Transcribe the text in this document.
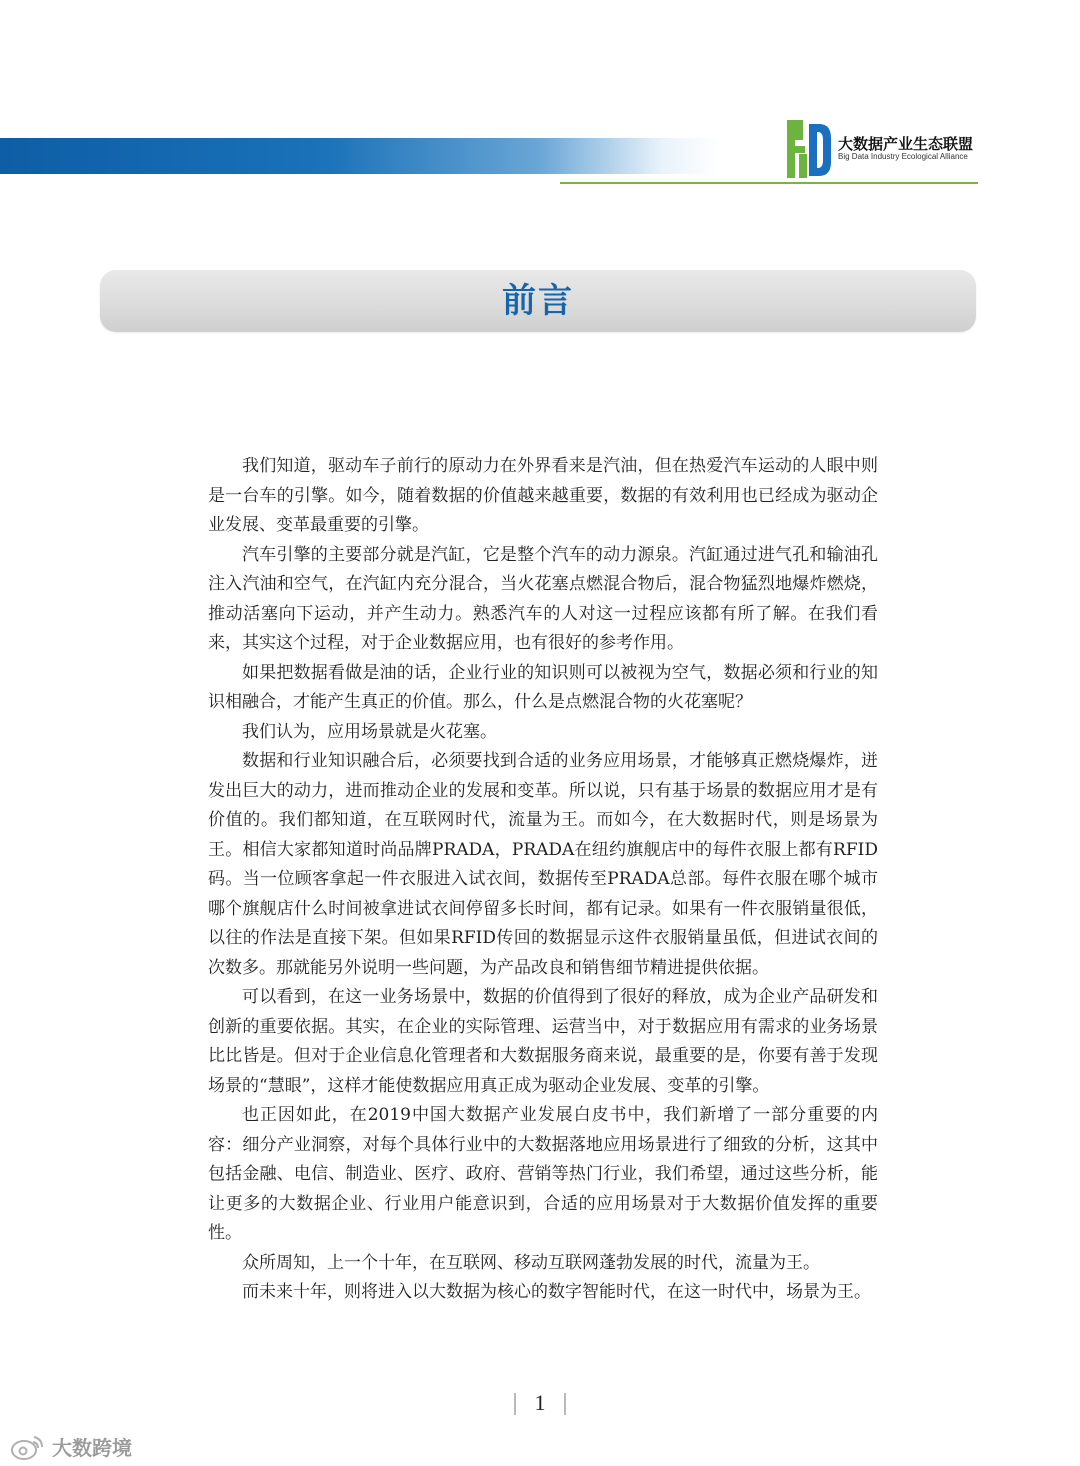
大数据产业生态联盟
Big Data Industry Ecological Alliance
前言

我们知道，驱动车子前行的原动力在外界看来是汽油，但在热爱汽车运动的人眼中则是一台车的引擎。如今，随着数据的价值越来越重要，数据的有效利用也已经成为驱动企业发展、变革最重要的引擎。

汽车引擎的主要部分就是汽缸，它是整个汽车的动力源泉。汽缸通过进气孔和输油孔注入汽油和空气，在汽缸内充分混合，当火花塞点燃混合物后，混合物猛烈地爆炸燃烧，推动活塞向下运动，并产生动力。熟悉汽车的人对这一过程应该都有所了解。在我们看来，其实这个过程，对于企业数据应用，也有很好的参考作用。

如果把数据看做是油的话，企业行业的知识则可以被视为空气，数据必须和行业的知识相融合，才能产生真正的价值。那么，什么是点燃混合物的火花塞呢？

我们认为，应用场景就是火花塞。

数据和行业知识融合后，必须要找到合适的业务应用场景，才能够真正燃烧爆炸，迸发出巨大的动力，进而推动企业的发展和变革。所以说，只有基于场景的数据应用才是有价值的。我们都知道，在互联网时代，流量为王。而如今，在大数据时代，则是场景为王。相信大家都知道时尚品牌PRADA，PRADA在纽约旗舰店中的每件衣服上都有RFID码。当一位顾客拿起一件衣服进入试衣间，数据传至PRADA总部。每件衣服在哪个城市哪个旗舰店什么时间被拿进试衣间停留多长时间，都有记录。如果有一件衣服销量很低，以往的作法是直接下架。但如果RFID传回的数据显示这件衣服销量虽低，但进试衣间的次数多。那就能另外说明一些问题，为产品改良和销售细节精进提供依据。

可以看到，在这一业务场景中，数据的价值得到了很好的释放，成为企业产品研发和创新的重要依据。其实，在企业的实际管理、运营当中，对于数据应用有需求的业务场景比比皆是。但对于企业信息化管理者和大数据服务商来说，最重要的是，你要有善于发现场景的“慧眼”，这样才能使数据应用真正成为驱动企业发展、变革的引擎。

也正因如此，在2019中国大数据产业发展白皮书中，我们新增了一部分重要的内容：细分产业洞察，对每个具体行业中的大数据落地应用场景进行了细致的分析，这其中包括金融、电信、制造业、医疗、政府、营销等热门行业，我们希望，通过这些分析，能让更多的大数据企业、行业用户能意识到，合适的应用场景对于大数据价值发挥的重要性。

众所周知，上一个十年，在互联网、移动互联网蓬勃发展的时代，流量为王。

而未来十年，则将进入以大数据为核心的数字智能时代，在这一时代中，场景为王。

1
大数跨境
